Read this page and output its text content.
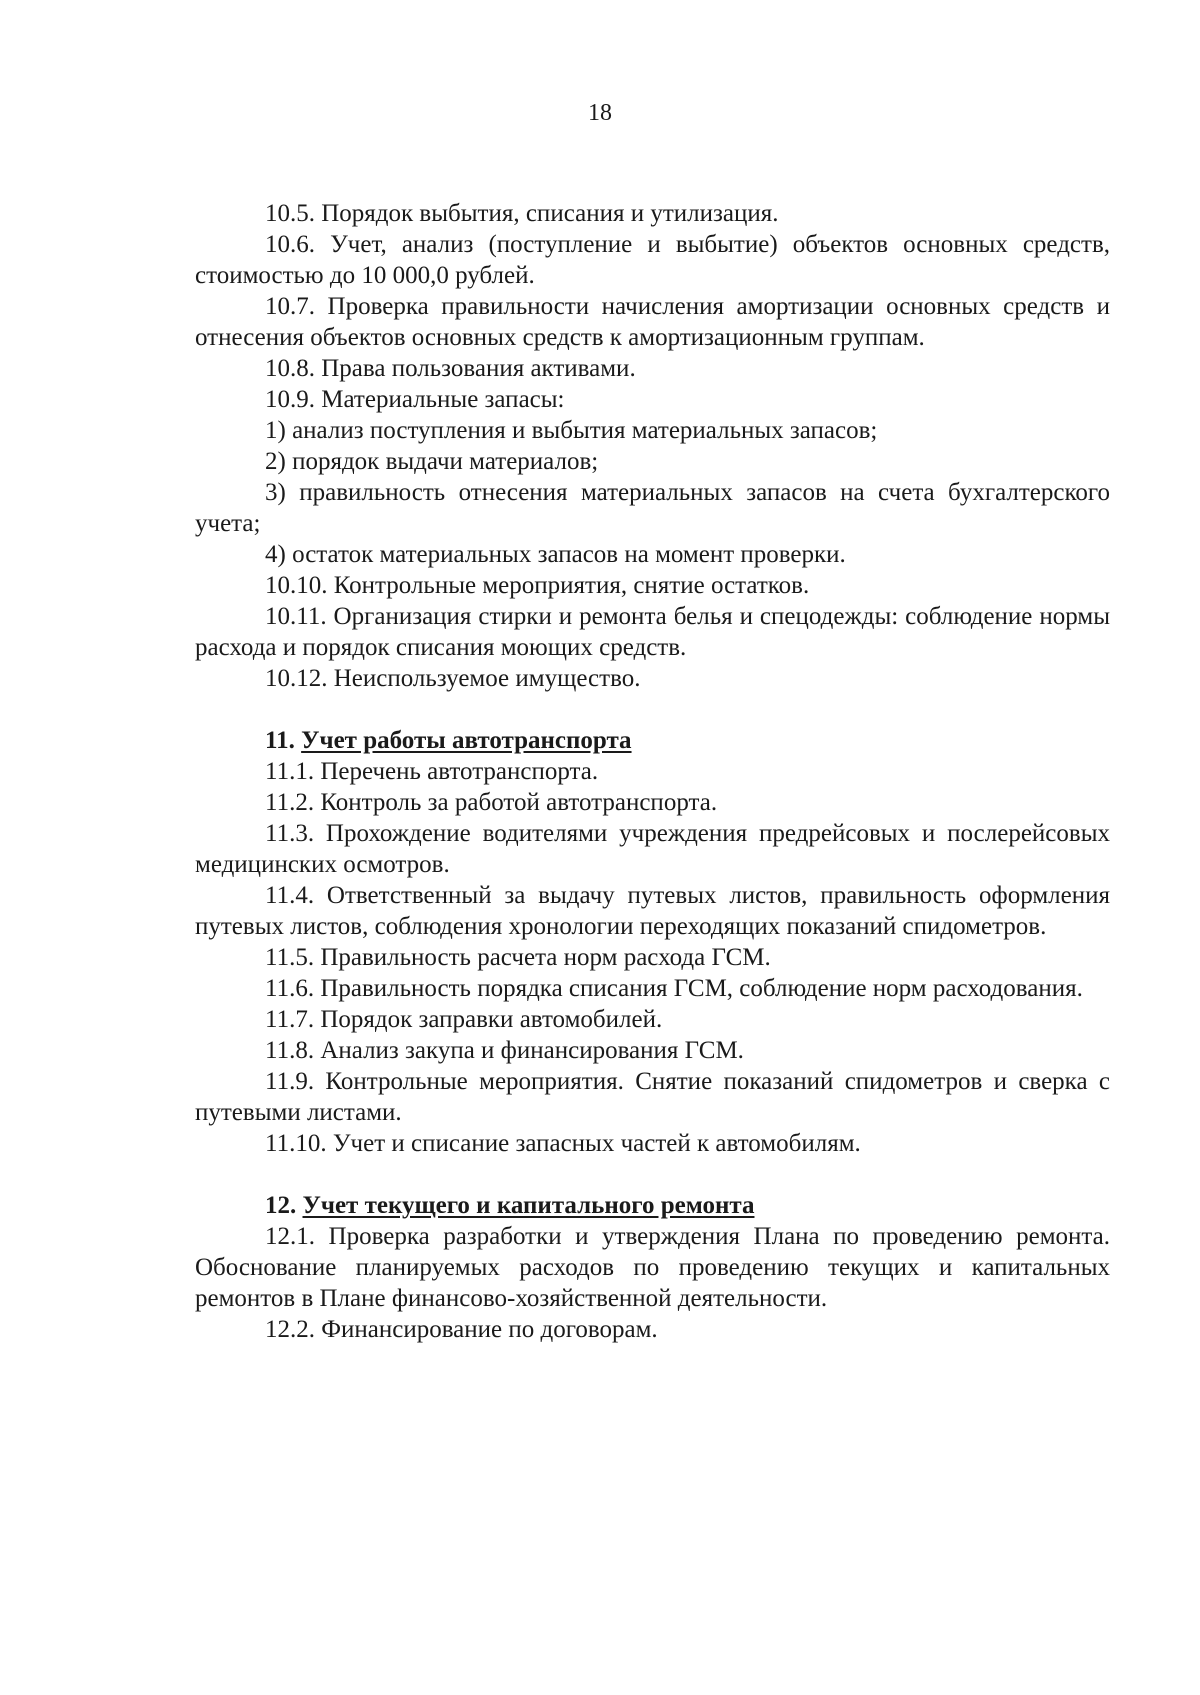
18

10.5. Порядок выбытия, списания и утилизация.

10.6. Учет, анализ (поступление и выбытие) объектов основных средств, стоимостью до 10 000,0 рублей.

10.7. Проверка правильности начисления амортизации основных средств и отнесения объектов основных средств к амортизационным группам.

10.8. Права пользования активами.

10.9. Материальные запасы:

1) анализ поступления и выбытия материальных запасов;

2) порядок выдачи материалов;

3) правильность отнесения материальных запасов на счета бухгалтерского учета;

4) остаток материальных запасов на момент проверки.

10.10. Контрольные мероприятия, снятие остатков.

10.11. Организация стирки и ремонта белья и спецодежды: соблюдение нормы расхода и порядок списания моющих средств.

10.12. Неиспользуемое имущество.

11. Учет работы автотранспорта

11.1. Перечень автотранспорта.

11.2. Контроль за работой автотранспорта.

11.3. Прохождение водителями учреждения предрейсовых и послерейсовых медицинских осмотров.

11.4. Ответственный за выдачу путевых листов, правильность оформления путевых листов, соблюдения хронологии переходящих показаний спидометров.

11.5. Правильность расчета норм расхода ГСМ.

11.6. Правильность порядка списания ГСМ, соблюдение норм расходования.

11.7. Порядок заправки автомобилей.

11.8. Анализ закупа и финансирования ГСМ.

11.9. Контрольные мероприятия. Снятие показаний спидометров и сверка с путевыми листами.

11.10. Учет и списание запасных частей к автомобилям.

12. Учет текущего и капитального ремонта

12.1. Проверка разработки и утверждения Плана по проведению ремонта. Обоснование планируемых расходов по проведению текущих и капитальных ремонтов в Плане финансово-хозяйственной деятельности.

12.2. Финансирование по договорам.
